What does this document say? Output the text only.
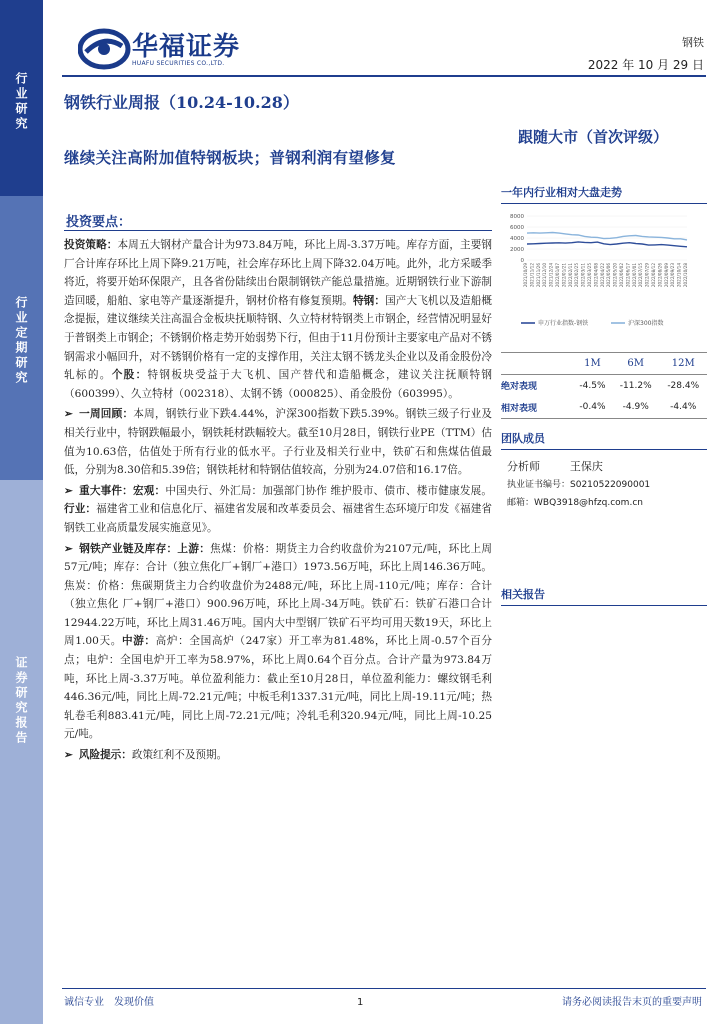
行业研究
行业定期研究
证券研究报告
华福证券
HUAFU SECURITIES CO.,LTD.
钢铁
2022 年 10 月 29 日
钢铁行业周报（10.24-10.28）
跟随大市（首次评级）
继续关注高附加值特钢板块；普钢利润有望修复
投资要点：

投资策略：本周五大钢材产量合计为973.84万吨，环比上周-3.37万吨。库存方面，主要钢厂合计库存环比上周下降9.21万吨，社会库存环比上周下降32.04万吨。此外，北方采暖季将近，将要开始环保限产，且各省份陆续出台限制钢铁产能总量措施。近期钢铁行业下游制造回暖，船舶、家电等产量逐渐提升，钢材价格有修复预期。特钢：国产大飞机以及造船概念提振，建议继续关注高温合金板块抚顺特钢、久立特材特钢类上市钢企，经营情况明显好于普钢类上市钢企；不锈钢价格走势开始弱势下行，但由于11月份预计主要家电产品对不锈钢需求小幅回升，对不锈钢价格有一定的支撑作用，关注太钢不锈龙头企业以及甬金股份冷轧标的。个股：特钢板块受益于大飞机、国产替代和造船概念，建议关注抚顺特钢（600399）、久立特材（002318）、太钢不锈（000825）、甬金股份（603995）。

➢ 一周回顾：本周，钢铁行业下跌4.44%，沪深300指数下跌5.39%。钢铁三级子行业及相关行业中，特钢跌幅最小，钢铁耗材跌幅较大。截至10月28日，钢铁行业PE（TTM）估值为10.63倍，估值处于所有行业的低水平。子行业及相关行业中，铁矿石和焦煤估值最低，分别为8.30倍和5.39倍；钢铁耗材和特钢估值较高，分别为24.07倍和16.17倍。

➢ 重大事件：宏观：中国央行、外汇局：加强部门协作 维护股市、债市、楼市健康发展。行业：福建省工业和信息化厅、福建省发展和改革委员会、福建省生态环境厅印发《福建省钢铁工业高质量发展实施意见》。

➢ 钢铁产业链及库存：上游：焦煤：价格：期货主力合约收盘价为2107元/吨，环比上周57元/吨；库存：合计（独立焦化厂+钢厂+港口）1973.56万吨，环比上周146.36万吨。焦炭：价格：焦碳期货主力合约收盘价为2488元/吨，环比上周-110元/吨；库存：合计（独立焦化 厂+钢厂+港口）900.96万吨，环比上周-34万吨。铁矿石：铁矿石港口合计12944.22万吨，环比上周31.46万吨。国内大中型钢厂铁矿石平均可用天数19天，环比上周1.00天。中游：高炉：全国高炉（247家）开工率为81.48%，环比上周-0.57个百分点；电炉：全国电炉开工率为58.97%，环比上周0.64个百分点。合计产量为973.84万吨，环比上周-3.37万吨。单位盈利能力：截止至10月28日，单位盈利能力：螺纹钢毛利446.36元/吨，同比上周-72.21元/吨；中板毛利1337.31元/吨，同比上周-19.11元/吨；热轧卷毛利883.41元/吨，同比上周-72.21元/吨；冷轧毛利320.94元/吨，同比上周-10.25元/吨。

➢ 风险提示：政策红利不及预期。

一年内行业相对大盘走势
8000
6000
4000
2000
0
2021/10/29 2021/11/12 2021/11/26 2021/12/10 2021/12/24 2022/01/07 2022/01/21 2022/02/11 2022/02/25 2022/03/11 2022/03/25 2022/04/08 2022/04/22 2022/05/06 2022/05/20 2022/06/02 2022/06/17 2022/07/01 2022/07/15 2022/07/29 2022/08/12 2022/08/26 2022/09/09 2022/09/23 2022/10/14 2022/10/28
申万行业指数-钢铁	沪深300指数
	1M	6M	12M
绝对表现	-4.5%	-11.2%	-28.4%
相对表现	-0.4%	-4.9%	-4.4%
团队成员
分析师	王保庆
执业证书编号：S0210522090001
邮箱：WBQ3918@hfzq.com.cn
相关报告
诚信专业　发现价值	1	请务必阅读报告末页的重要声明
